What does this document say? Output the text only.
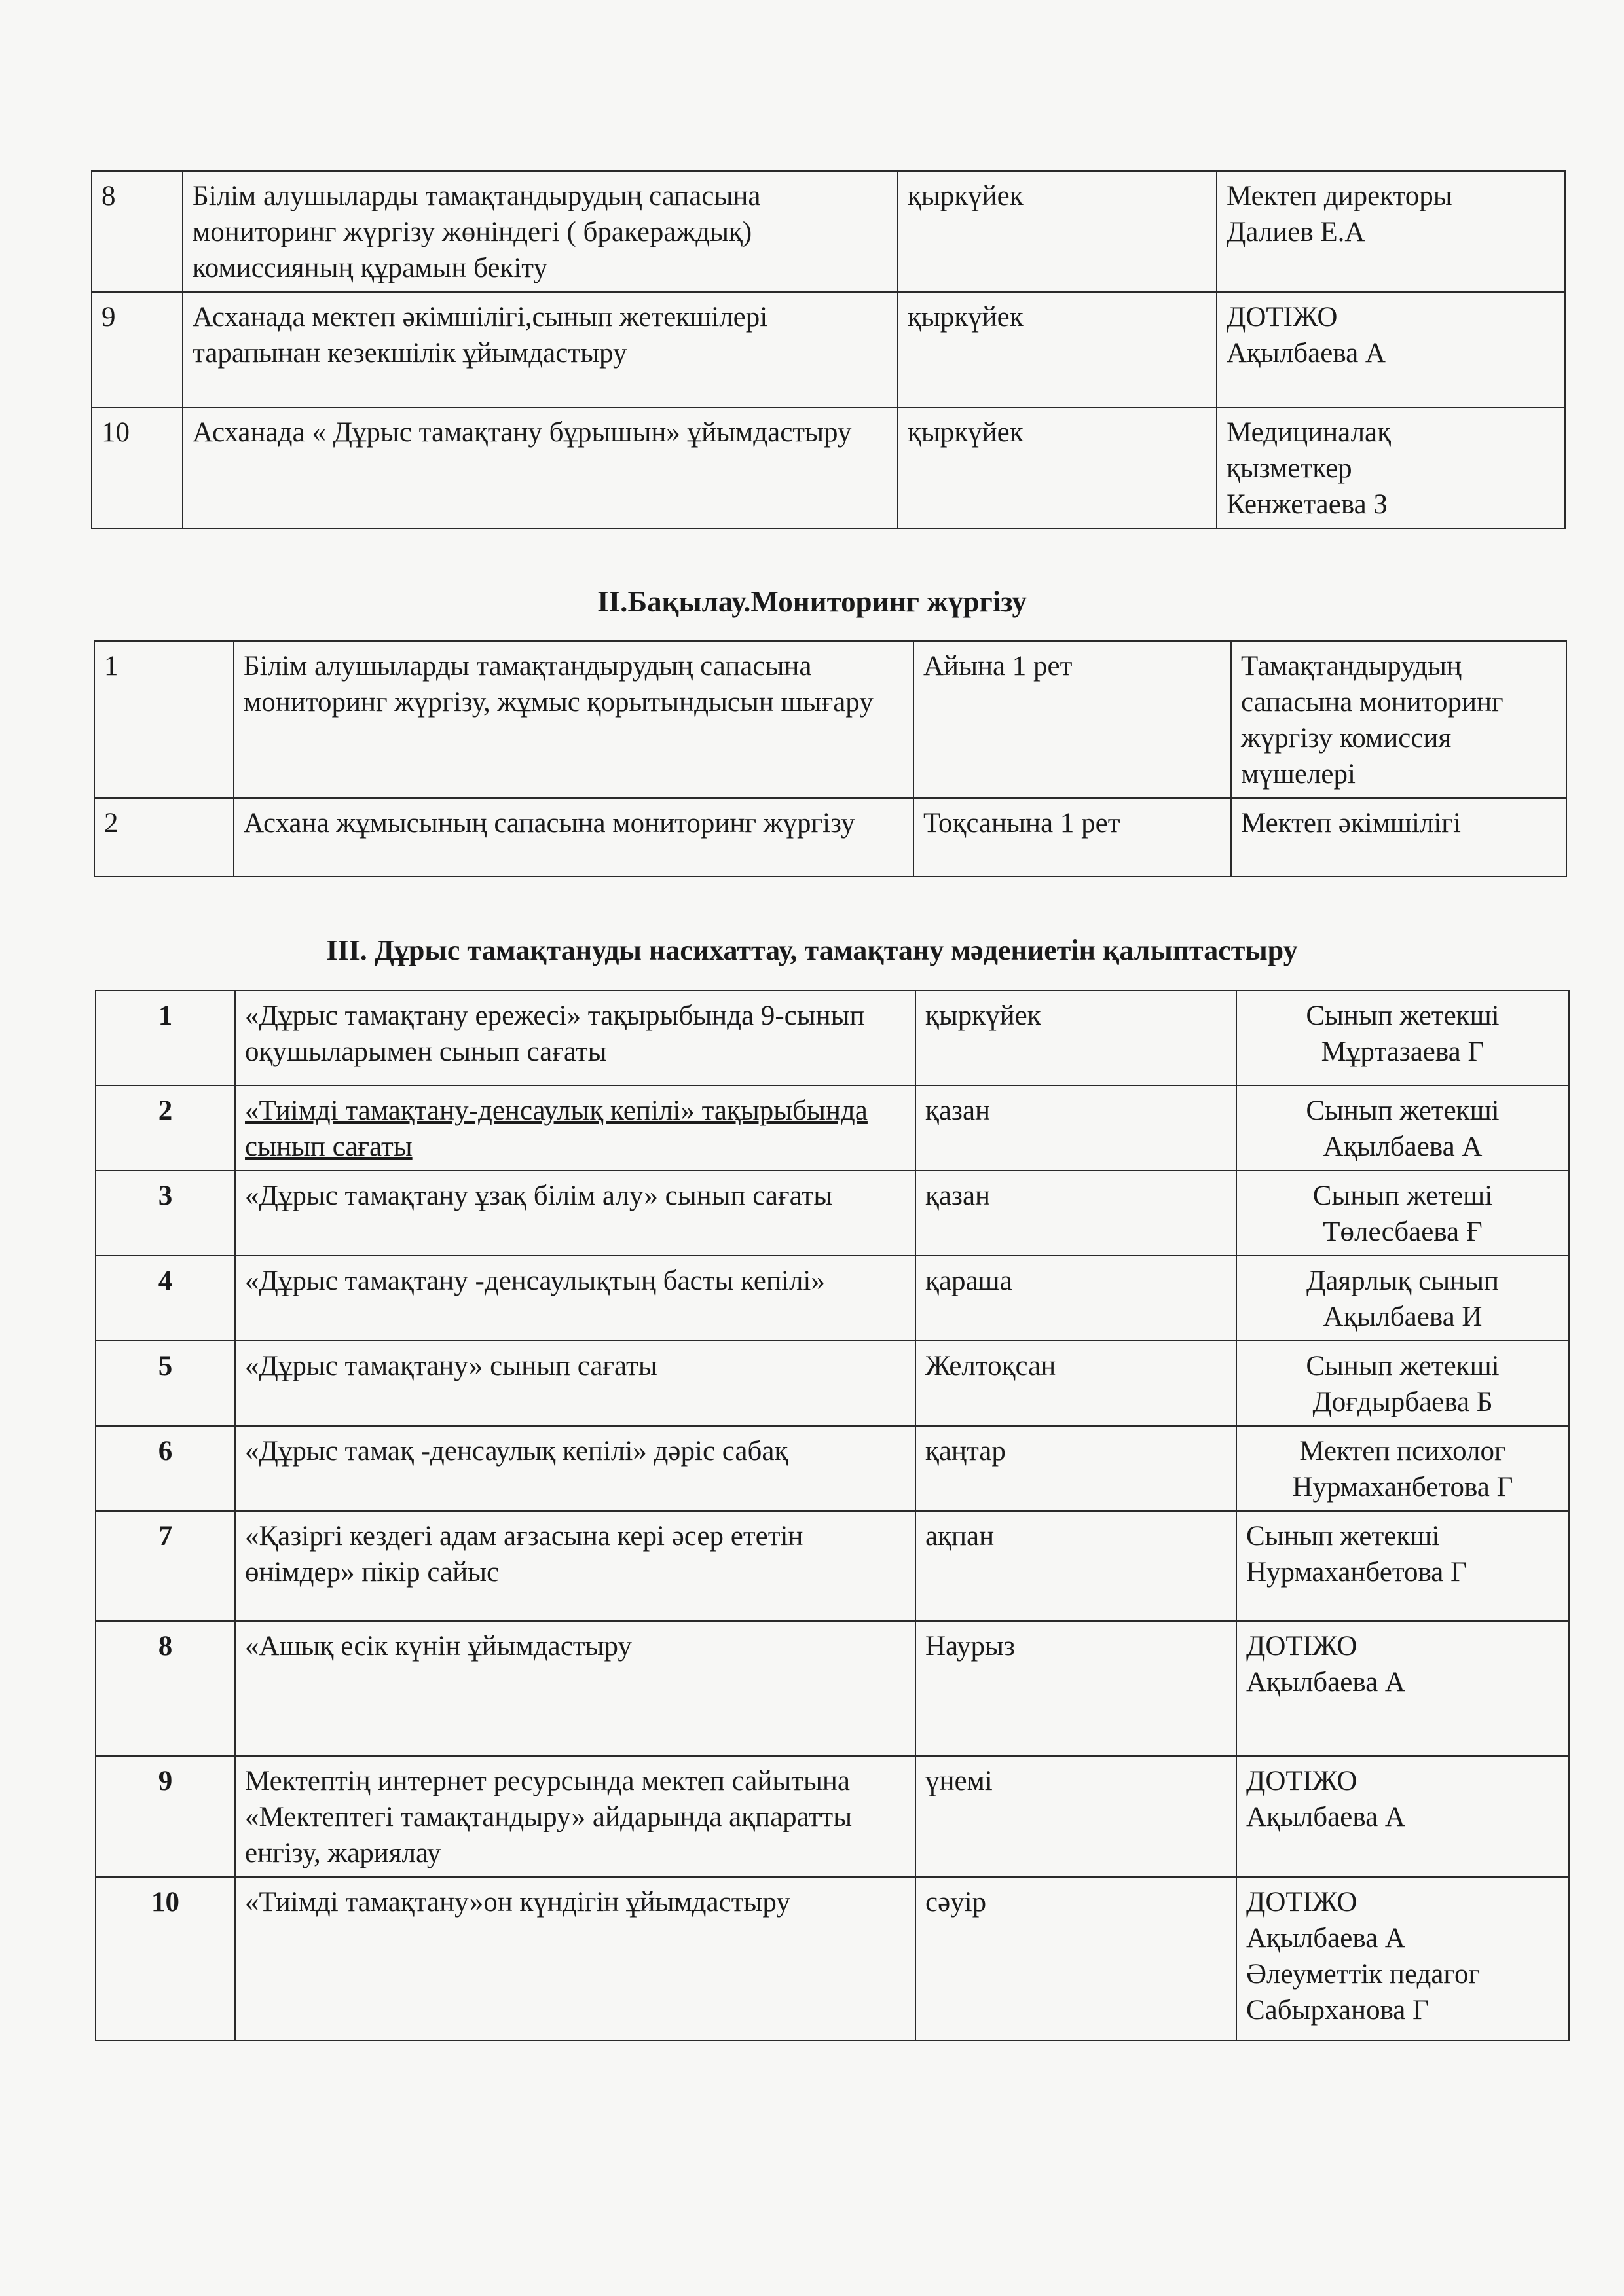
8	Білім алушыларды тамақтандырудың сапасына мониторинг жүргізу жөніндегі ( бракераждық) комиссияның құрамын бекіту	қыркүйек	Мектеп директоры
Далиев Е.А

9	Асханада мектеп әкімшілігі,сынып жетекшілері тарапынан кезекшілік ұйымдастыру	қыркүйек	ДОТІЖО
Ақылбаева А

10	Асханада « Дұрыс тамақтану бұрышын» ұйымдастыру	қыркүйек	Медициналақ
қызметкер
Кенжетаева З
ІІ.Бақылау.Мониторинг жүргізу
1	Білім алушыларды тамақтандырудың сапасына мониторинг жүргізу, жұмыс қорытындысын шығару	Айына 1 рет	Тамақтандырудың сапасына мониторинг жүргізу комиссия мүшелері

2	Асхана жұмысының сапасына мониторинг жүргізу	Тоқсанына 1 рет	Мектеп әкімшілігі
ІІІ. Дұрыс тамақтануды насихаттау, тамақтану мәдениетін қалыптастыру
1	«Дұрыс тамақтану ережесі» тақырыбында 9-сынып оқушыларымен сынып сағаты	қыркүйек	Сынып жетекші
Мұртазаева Г

2	«Тиімді тамақтану-денсаулық кепілі» тақырыбында сынып сағаты	қазан	Сынып жетекші
Ақылбаева А

3	«Дұрыс тамақтану ұзақ білім алу» сынып сағаты	қазан	Сынып жетеші
Төлесбаева Ғ

4	«Дұрыс тамақтану -денсаулықтың басты кепілі»	қараша	Даярлық сынып
Ақылбаева И

5	«Дұрыс тамақтану» сынып сағаты	Желтоқсан	Сынып жетекші
Доғдырбаева Б

6	«Дұрыс тамақ -денсаулық кепілі» дәріс сабақ	қаңтар	Мектеп психолог
Нурмаханбетова Г

7	«Қазіргі кездегі адам ағзасына кері әсер ететін өнімдер» пікір сайыс	ақпан	Сынып жетекші
Нурмаханбетова Г

8	«Ашық есік күнін ұйымдастыру	Наурыз	ДОТІЖО
Ақылбаева А

9	Мектептің интернет ресурсында мектеп сайытына «Мектептегі тамақтандыру» айдарында ақпаратты енгізу, жариялау	үнемі	ДОТІЖО
Ақылбаева А

10	«Тиімді тамақтану»он күндігін ұйымдастыру	сәуір	ДОТІЖО
Ақылбаева А
Әлеуметтік педагог
Сабырханова Г
